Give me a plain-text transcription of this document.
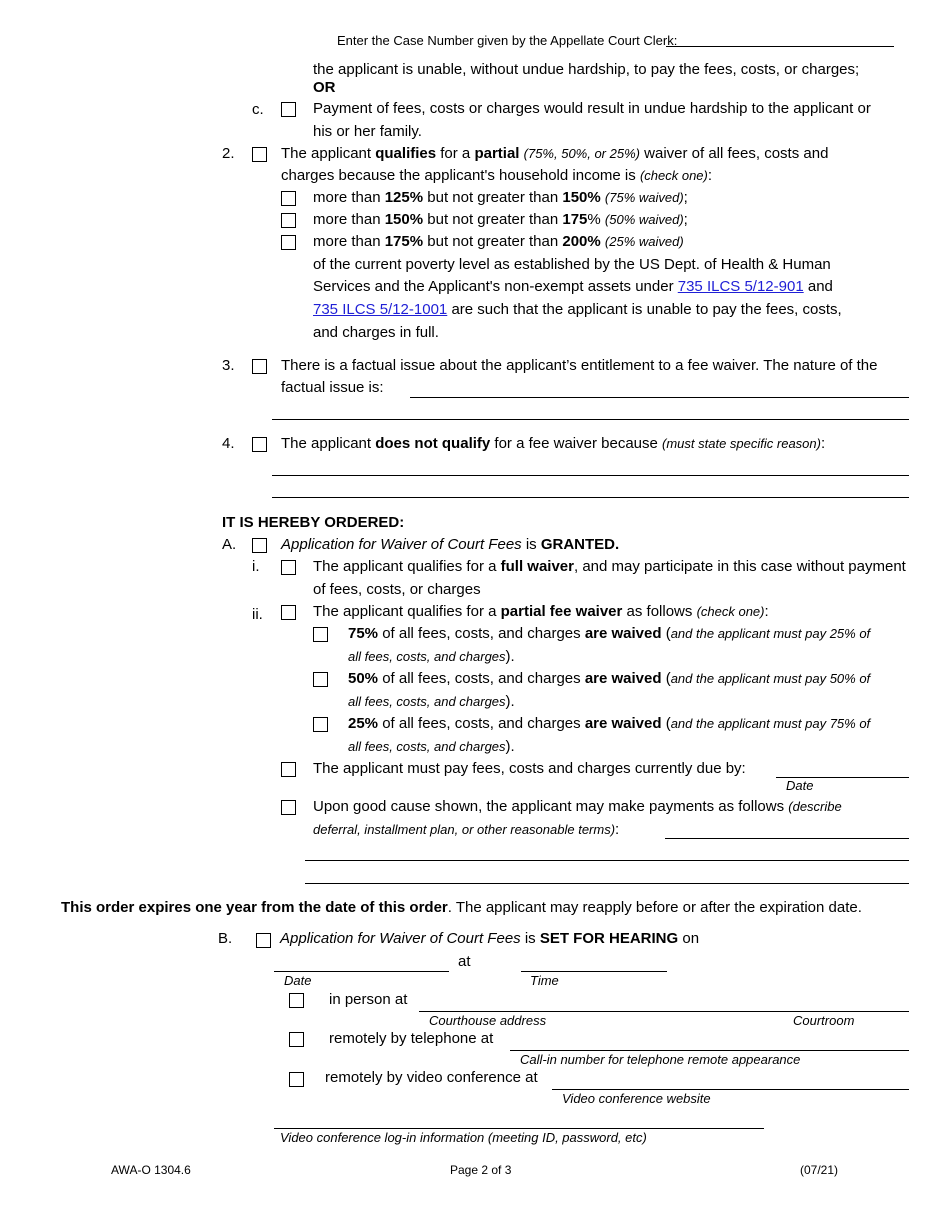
Enter the Case Number given by the Appellate Court Clerk:
the applicant is unable, without undue hardship, to pay the fees, costs, or charges;
OR
c.	Payment of fees, costs or charges would result in undue hardship to the applicant or
his or her family.
2.	The applicant qualifies for a partial (75%, 50%, or 25%) waiver of all fees, costs and
charges because the applicant's household income is (check one):
more than 125% but not greater than 150% (75% waived);
more than 150% but not greater than 175% (50% waived);
more than 175% but not greater than 200% (25% waived)
of the current poverty level as established by the US Dept. of Health & Human
Services and the Applicant's non-exempt assets under 735 ILCS 5/12-901 and
735 ILCS 5/12-1001 are such that the applicant is unable to pay the fees, costs,
and charges in full.
3.	There is a factual issue about the applicant’s entitlement to a fee waiver. The nature of the
factual issue is:
4.	The applicant does not qualify for a fee waiver because (must state specific reason):
IT IS HEREBY ORDERED:
A.	Application for Waiver of Court Fees is GRANTED.
i.	The applicant qualifies for a full waiver, and may participate in this case without payment
of fees, costs, or charges
ii.	The applicant qualifies for a partial fee waiver as follows (check one):
75% of all fees, costs, and charges are waived (and the applicant must pay 25% of
all fees, costs, and charges).
50% of all fees, costs, and charges are waived (and the applicant must pay 50% of
all fees, costs, and charges).
25% of all fees, costs, and charges are waived (and the applicant must pay 75% of
all fees, costs, and charges).
The applicant must pay fees, costs and charges currently due by:
Date
Upon good cause shown, the applicant may make payments as follows (describe
deferral, installment plan, or other reasonable terms):
This order expires one year from the date of this order. The applicant may reapply before or after the expiration date.
B.	Application for Waiver of Court Fees is SET FOR HEARING on
at
Date	Time
in person at
Courthouse address	Courtroom
remotely by telephone at
Call-in number for telephone remote appearance
remotely by video conference at
Video conference website
Video conference log-in information (meeting ID, password, etc)
AWA-O 1304.6	Page 2 of 3	(07/21)
